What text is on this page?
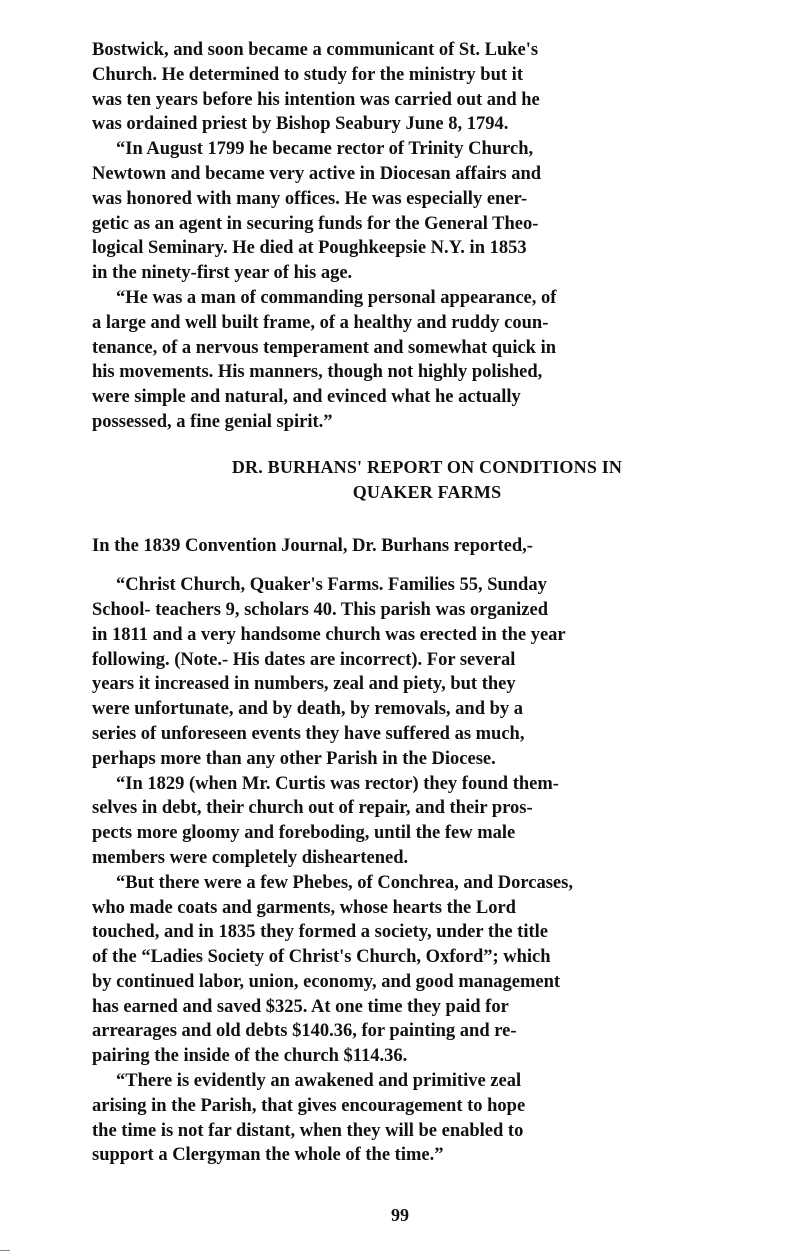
Bostwick, and soon became a communicant of St. Luke's
Church. He determined to study for the ministry but it
was ten years before his intention was carried out and he
was ordained priest by Bishop Seabury June 8, 1794.
“In August 1799 he became rector of Trinity Church,
Newtown and became very active in Diocesan affairs and
was honored with many offices. He was especially ener-
getic as an agent in securing funds for the General Theo-
logical Seminary. He died at Poughkeepsie N.Y. in 1853
in the ninety-first year of his age.
“He was a man of commanding personal appearance, of
a large and well built frame, of a healthy and ruddy coun-
tenance, of a nervous temperament and somewhat quick in
his movements. His manners, though not highly polished,
were simple and natural, and evinced what he actually
possessed, a fine genial spirit.”
DR. BURHANS' REPORT ON CONDITIONS IN
QUAKER FARMS
In the 1839 Convention Journal, Dr. Burhans reported,-
“Christ Church, Quaker's Farms. Families 55, Sunday
School- teachers 9, scholars 40. This parish was organized
in 1811 and a very handsome church was erected in the year
following. (Note.- His dates are incorrect). For several
years it increased in numbers, zeal and piety, but they
were unfortunate, and by death, by removals, and by a
series of unforeseen events they have suffered as much,
perhaps more than any other Parish in the Diocese.
“In 1829 (when Mr. Curtis was rector) they found them-
selves in debt, their church out of repair, and their pros-
pects more gloomy and foreboding, until the few male
members were completely disheartened.
“But there were a few Phebes, of Conchrea, and Dorcases,
who made coats and garments, whose hearts the Lord
touched, and in 1835 they formed a society, under the title
of the “Ladies Society of Christ's Church, Oxford”; which
by continued labor, union, economy, and good management
has earned and saved $325. At one time they paid for
arrearages and old debts $140.36, for painting and re-
pairing the inside of the church $114.36.
“There is evidently an awakened and primitive zeal
arising in the Parish, that gives encouragement to hope
the time is not far distant, when they will be enabled to
support a Clergyman the whole of the time.”
99
